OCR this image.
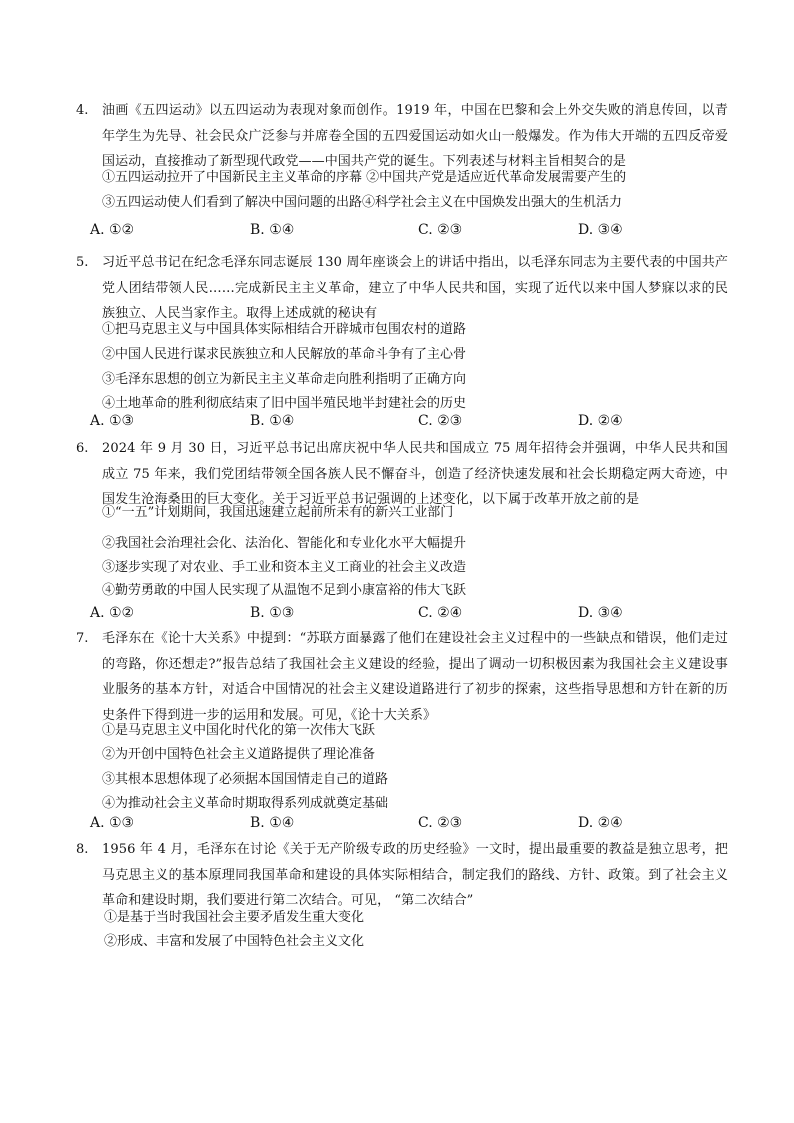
4. 油画《五四运动》以五四运动为表现对象而创作。1919 年，中国在巴黎和会上外交失败的消息传回，以青年学生为先导、社会民众广泛参与并席卷全国的五四爱国运动如火山一般爆发。作为伟大开端的五四反帝爱国运动，直接推动了新型现代政党——中国共产党的诞生。下列表述与材料主旨相契合的是
①五四运动拉开了中国新民主主义革命的序幕 ②中国共产党是适应近代革命发展需要产生的
③五四运动使人们看到了解决中国问题的出路④科学社会主义在中国焕发出强大的生机活力
A. ①②	B. ①④	C. ②③	D. ③④
5. 习近平总书记在纪念毛泽东同志诞辰 130 周年座谈会上的讲话中指出，以毛泽东同志为主要代表的中国共产党人团结带领人民……完成新民主主义革命，建立了中华人民共和国，实现了近代以来中国人梦寐以求的民族独立、人民当家作主。取得上述成就的秘诀有
①把马克思主义与中国具体实际相结合开辟城市包围农村的道路
②中国人民进行谋求民族独立和人民解放的革命斗争有了主心骨
③毛泽东思想的创立为新民主主义革命走向胜利指明了正确方向
④土地革命的胜利彻底结束了旧中国半殖民地半封建社会的历史
A. ①③	B. ①④	C. ②③	D. ②④
6. 2024 年 9 月 30 日，习近平总书记出席庆祝中华人民共和国成立 75 周年招待会并强调，中华人民共和国成立 75 年来，我们党团结带领全国各族人民不懈奋斗，创造了经济快速发展和社会长期稳定两大奇迹，中国发生沧海桑田的巨大变化。关于习近平总书记强调的上述变化，以下属于改革开放之前的是
①“一五”计划期间，我国迅速建立起前所未有的新兴工业部门
②我国社会治理社会化、法治化、智能化和专业化水平大幅提升
③逐步实现了对农业、手工业和资本主义工商业的社会主义改造
④勤劳勇敢的中国人民实现了从温饱不足到小康富裕的伟大飞跃
A. ①②	B. ①③	C. ②④	D. ③④
7. 毛泽东在《论十大关系》中提到：“苏联方面暴露了他们在建设社会主义过程中的一些缺点和错误，他们走过的弯路，你还想走?”报告总结了我国社会主义建设的经验，提出了调动一切积极因素为我国社会主义建设事业服务的基本方针，对适合中国情况的社会主义建设道路进行了初步的探索，这些指导思想和方针在新的历史条件下得到进一步的运用和发展。可见，《论十大关系》
①是马克思主义中国化时代化的第一次伟大飞跃
②为开创中国特色社会主义道路提供了理论准备
③其根本思想体现了必须据本国国情走自己的道路
④为推动社会主义革命时期取得系列成就奠定基础
A. ①③	B. ①④	C. ②③	D. ②④
8. 1956 年 4 月，毛泽东在讨论《关于无产阶级专政的历史经验》一文时，提出最重要的教益是独立思考，把马克思主义的基本原理同我国革命和建设的具体实际相结合，制定我们的路线、方针、政策。到了社会主义革命和建设时期，我们要进行第二次结合。可见， “第二次结合”
①是基于当时我国社会主要矛盾发生重大变化
②形成、丰富和发展了中国特色社会主义文化
